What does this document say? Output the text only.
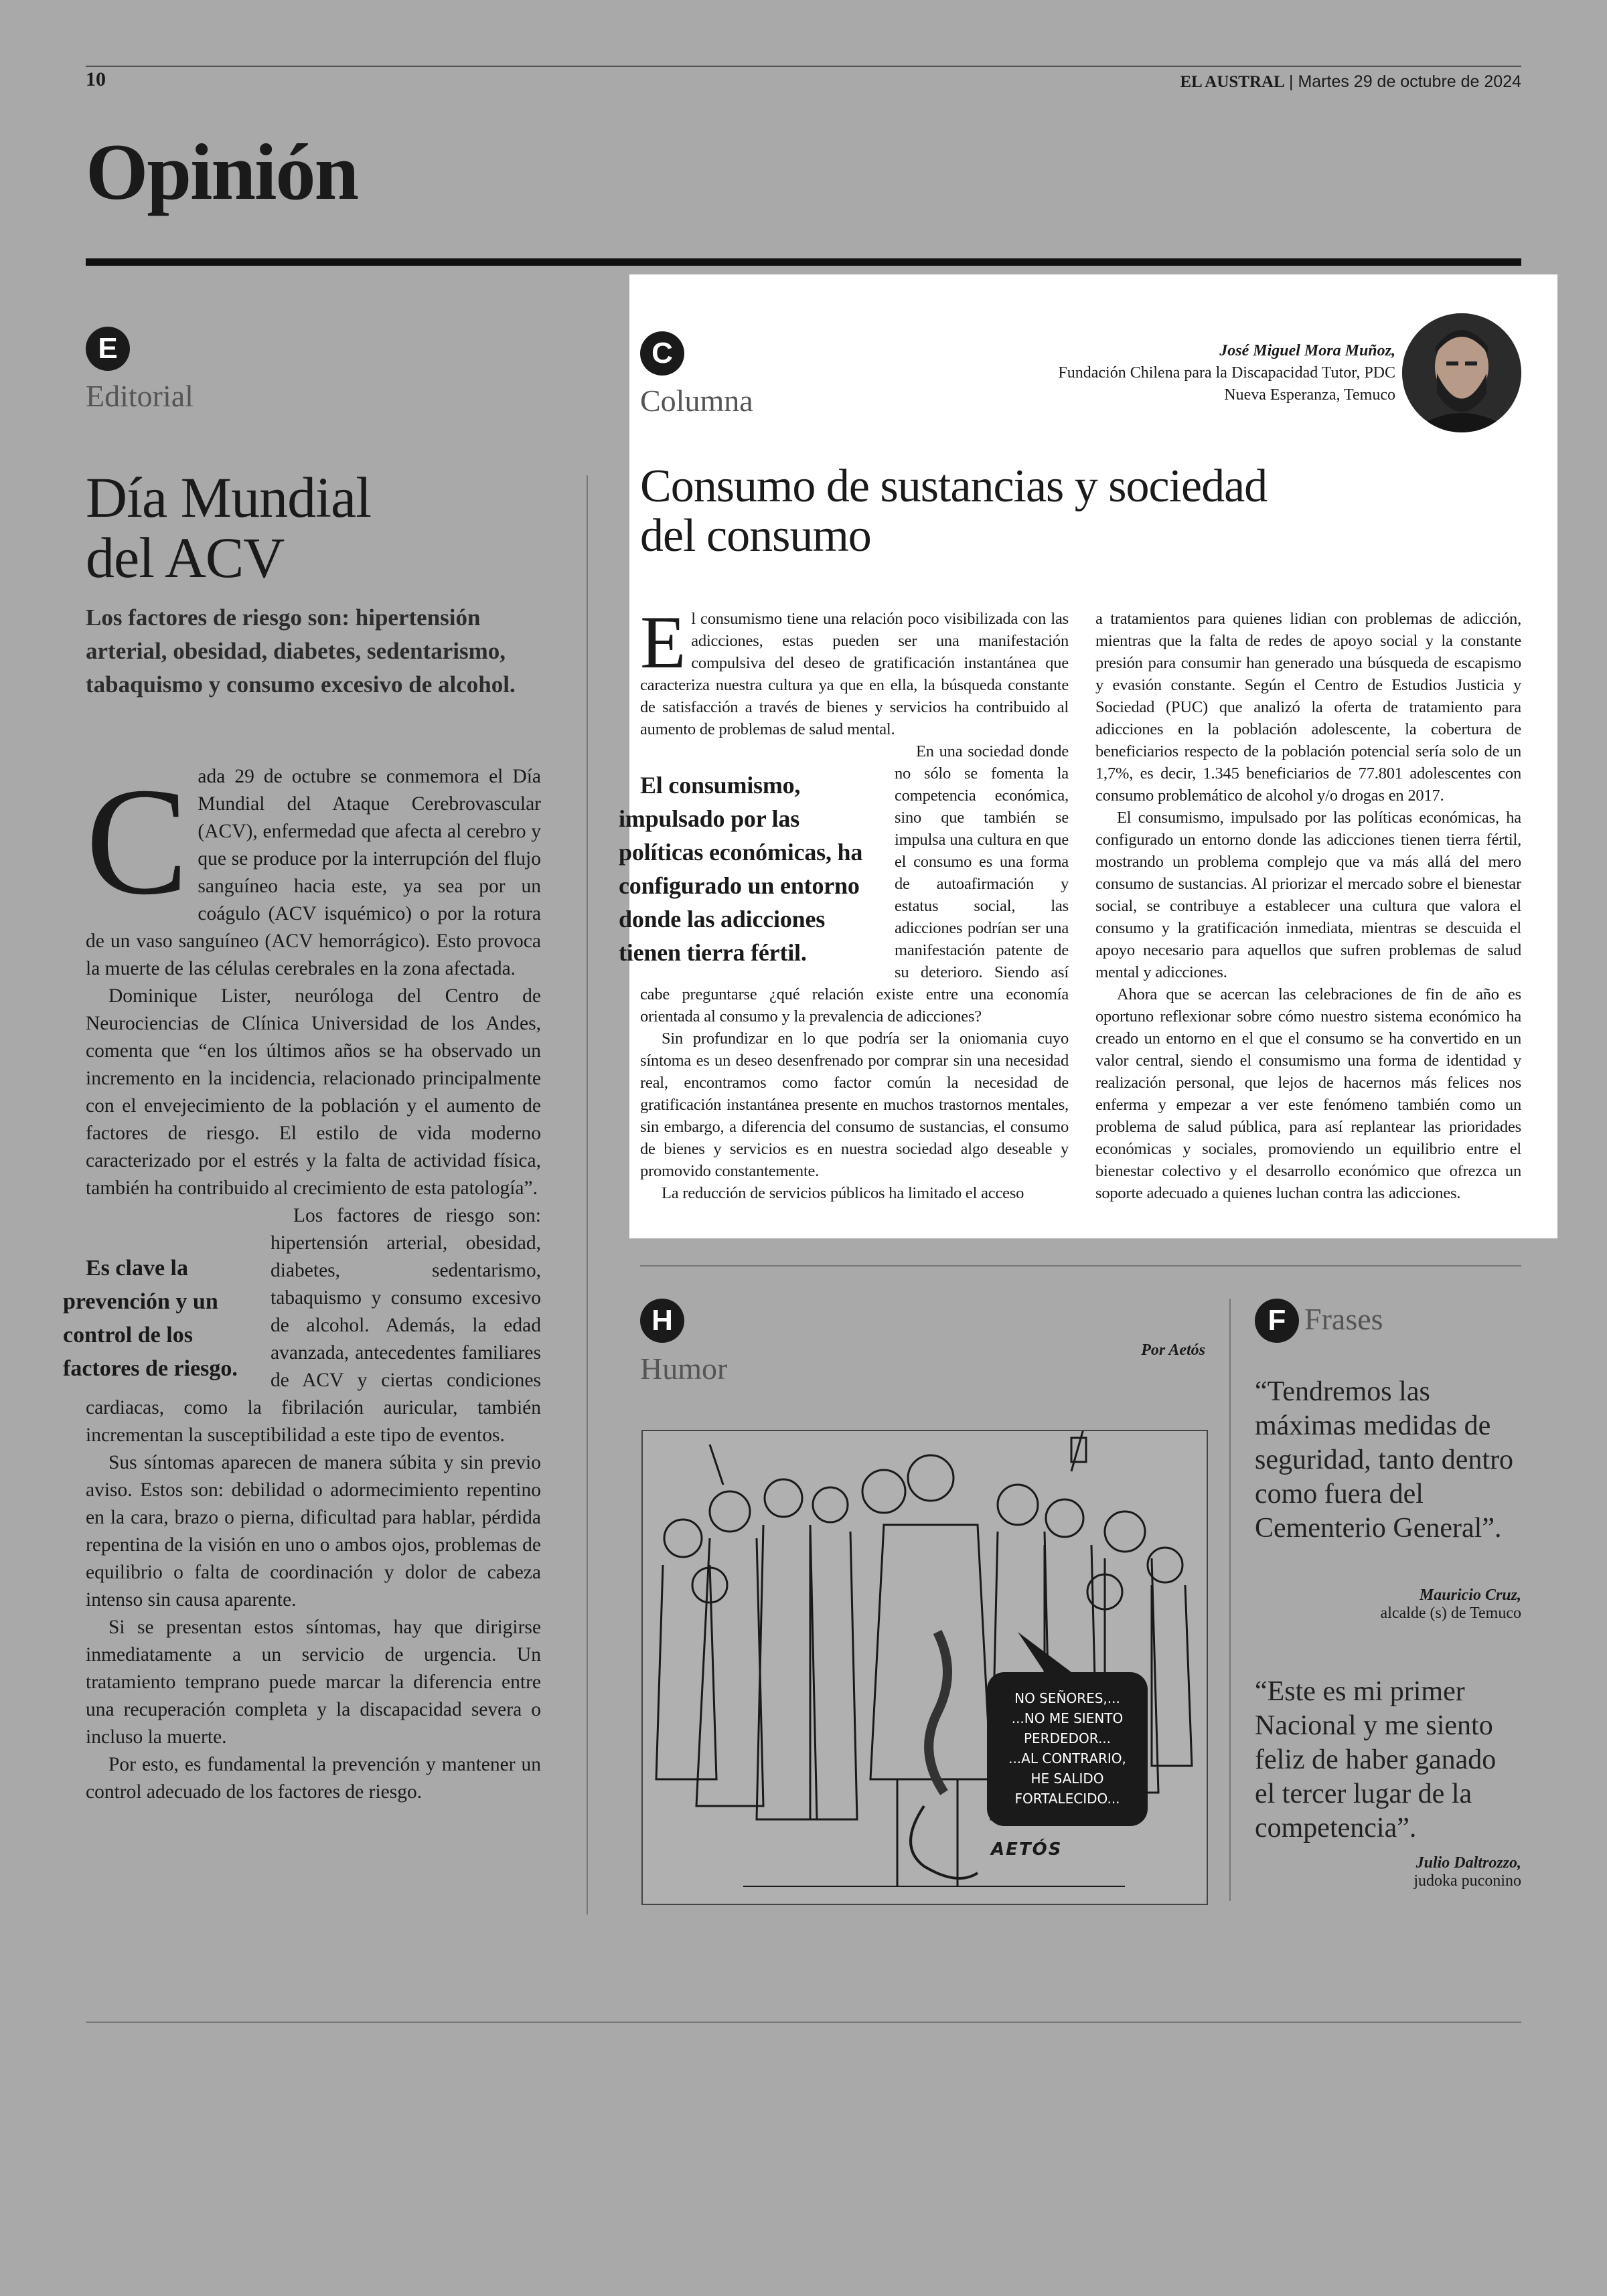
10	EL AUSTRAL | Martes 29 de octubre de 2024
Opinión
E
Editorial
Día Mundial
del ACV
Los factores de riesgo son: hipertensión arterial, obesidad, diabetes, sedentarismo, tabaquismo y consumo excesivo de alcohol.

C ada 29 de octubre se conmemora el Día Mundial del Ataque Cerebrovascular (ACV), enfermedad que afecta al cerebro y que se produce por la interrupción del flujo sanguíneo hacia este, ya sea por un coágulo (ACV isquémico) o por la rotura de un vaso sanguíneo (ACV hemorrágico). Esto provoca la muerte de las células cerebrales en la zona afectada.

Dominique Lister, neuróloga del Centro de Neurociencias de Clínica Universidad de los Andes, comenta que “en los últimos años se ha observado un incremento en la incidencia, relacionado principalmente con el envejecimiento de la población y el aumento de factores de riesgo. El estilo de vida moderno caracterizado por el estrés y la falta de actividad física, también ha contribuido al crecimiento de esta patología”.

Es clave la prevención y un control de los factores de riesgo.
Los factores de riesgo son: hipertensión arterial, obesidad, diabetes, sedentarismo, tabaquismo y consumo excesivo de alcohol. Además, la edad avanzada, antecedentes familiares de ACV y ciertas condiciones cardiacas, como la fibrilación auricular, también incrementan la susceptibilidad a este tipo de eventos.

Sus síntomas aparecen de manera súbita y sin previo aviso. Estos son: debilidad o adormecimiento repentino en la cara, brazo o pierna, dificultad para hablar, pérdida repentina de la visión en uno o ambos ojos, problemas de equilibrio o falta de coordinación y dolor de cabeza intenso sin causa aparente.

Si se presentan estos síntomas, hay que dirigirse inmediatamente a un servicio de urgencia. Un tratamiento temprano puede marcar la diferencia entre una recuperación completa y la discapacidad severa o incluso la muerte.

Por esto, es fundamental la prevención y mantener un control adecuado de los factores de riesgo.

C
Columna
José Miguel Mora Muñoz,
Fundación Chilena para la Discapacidad Tutor, PDC
Nueva Esperanza, Temuco
Consumo de sustancias y sociedad
del consumo

E l consumismo tiene una relación poco visibilizada con las adicciones, estas pueden ser una manifestación compulsiva del deseo de gratificación instantánea que caracteriza nuestra cultura ya que en ella, la búsqueda constante de satisfacción a través de bienes y servicios ha contribuido al aumento de problemas de salud mental.

El consumismo, impulsado por las políticas económicas, ha configurado un entorno donde las adicciones tienen tierra fértil.
En una sociedad donde no sólo se fomenta la competencia económica, sino que también se impulsa una cultura en que el consumo es una forma de autoafirmación y estatus social, las adicciones podrían ser una manifestación patente de su deterioro. Siendo así cabe preguntarse ¿qué relación existe entre una economía orientada al consumo y la prevalencia de adicciones?

Sin profundizar en lo que podría ser la oniomania cuyo síntoma es un deseo desenfrenado por comprar sin una necesidad real, encontramos como factor común la necesidad de gratificación instantánea presente en muchos trastornos mentales, sin embargo, a diferencia del consumo de sustancias, el consumo de bienes y servicios es en nuestra sociedad algo deseable y promovido constantemente.

La reducción de servicios públicos ha limitado el acceso

a tratamientos para quienes lidian con problemas de adicción, mientras que la falta de redes de apoyo social y la constante presión para consumir han generado una búsqueda de escapismo y evasión constante. Según el Centro de Estudios Justicia y Sociedad (PUC) que analizó la oferta de tratamiento para adicciones en la población adolescente, la cobertura de beneficiarios respecto de la población potencial sería solo de un 1,7%, es decir, 1.345 beneficiarios de 77.801 adolescentes con consumo problemático de alcohol y/o drogas en 2017.

El consumismo, impulsado por las políticas económicas, ha configurado un entorno donde las adicciones tienen tierra fértil, mostrando un problema complejo que va más allá del mero consumo de sustancias. Al priorizar el mercado sobre el bienestar social, se contribuye a establecer una cultura que valora el consumo y la gratificación inmediata, mientras se descuida el apoyo necesario para aquellos que sufren problemas de salud mental y adicciones.

Ahora que se acercan las celebraciones de fin de año es oportuno reflexionar sobre cómo nuestro sistema económico ha creado un entorno en el que el consumo se ha convertido en un valor central, siendo el consumismo una forma de identidad y realización personal, que lejos de hacernos más felices nos enferma y empezar a ver este fenómeno también como un problema de salud pública, para así replantear las prioridades económicas y sociales, promoviendo un equilibrio entre el bienestar colectivo y el desarrollo económico que ofrezca un soporte adecuado a quienes luchan contra las adicciones.

H
Humor
Por Aetós
NO SEÑORES,...
...NO ME SIENTO
PERDEDOR...
...AL CONTRARIO,
HE SALIDO
FORTALECIDO...
AETÓS
F Frases
“Tendremos las máximas medidas de seguridad, tanto dentro como fuera del Cementerio General”.
Mauricio Cruz,
alcalde (s) de Temuco
“Este es mi primer Nacional y me siento feliz de haber ganado el tercer lugar de la competencia”.
Julio Daltrozzo,
judoka puconino
